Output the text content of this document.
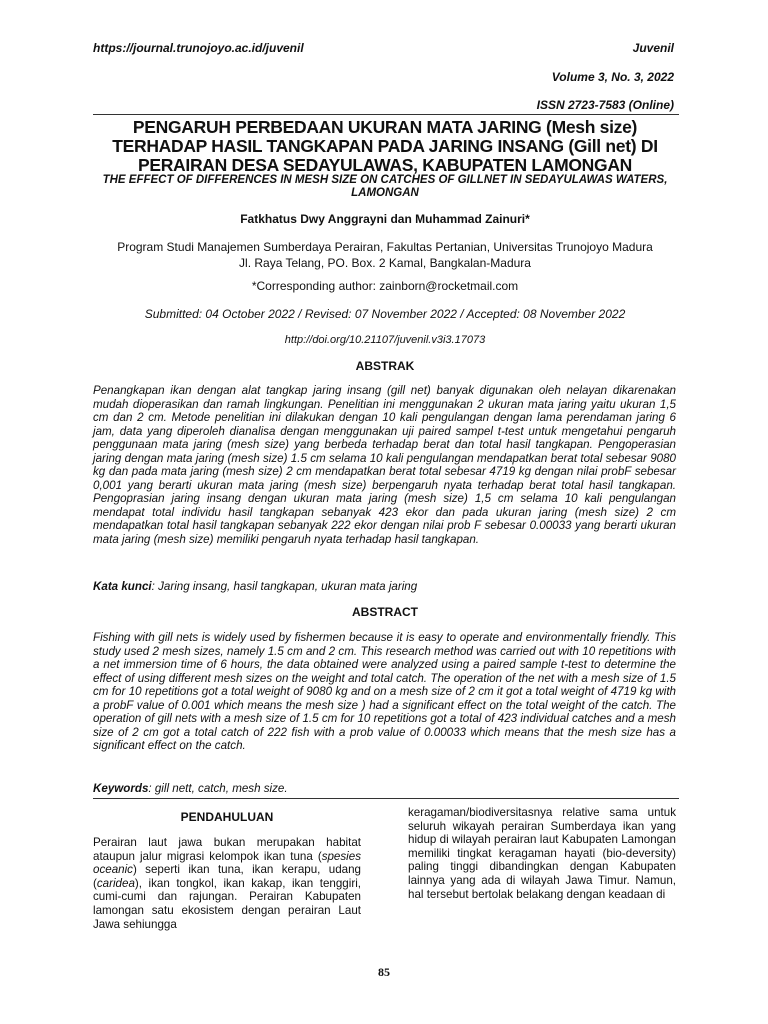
https://journal.trunojoyo.ac.id/juvenil	Juvenil
Volume 3, No. 3, 2022
ISSN 2723-7583 (Online)
PENGARUH PERBEDAAN UKURAN MATA JARING (Mesh size) TERHADAP HASIL TANGKAPAN PADA JARING INSANG (Gill net) DI PERAIRAN DESA SEDAYULAWAS, KABUPATEN LAMONGAN
THE EFFECT OF DIFFERENCES IN MESH SIZE ON CATCHES OF GILLNET IN SEDAYULAWAS WATERS, LAMONGAN
Fatkhatus Dwy Anggrayni dan Muhammad Zainuri*
Program Studi Manajemen Sumberdaya Perairan, Fakultas Pertanian, Universitas Trunojoyo Madura
Jl. Raya Telang, PO. Box. 2 Kamal, Bangkalan-Madura
*Corresponding author: zainborn@rocketmail.com
Submitted: 04 October 2022 / Revised: 07 November 2022 / Accepted: 08 November 2022
http://doi.org/10.21107/juvenil.v3i3.17073
ABSTRAK
Penangkapan ikan dengan alat tangkap jaring insang (gill net) banyak digunakan oleh nelayan dikarenakan mudah dioperasikan dan ramah lingkungan. Penelitian ini menggunakan 2 ukuran mata jaring yaitu ukuran 1,5 cm dan 2 cm. Metode penelitian ini dilakukan dengan 10 kali pengulangan dengan lama perendaman jaring 6 jam, data yang diperoleh dianalisa dengan menggunakan uji paired sampel t-test untuk mengetahui pengaruh penggunaan mata jaring (mesh size) yang berbeda terhadap berat dan total hasil tangkapan. Pengoperasian jaring dengan mata jaring (mesh size) 1.5 cm selama 10 kali pengulangan mendapatkan berat total sebesar 9080 kg dan pada mata jaring (mesh size) 2 cm mendapatkan berat total sebesar 4719 kg dengan nilai probF sebesar 0,001 yang berarti ukuran mata jaring (mesh size) berpengaruh nyata terhadap berat total hasil tangkapan. Pengoprasian jaring insang dengan ukuran mata jaring (mesh size) 1,5 cm selama 10 kali pengulangan mendapat total individu hasil tangkapan sebanyak 423 ekor dan pada ukuran jaring (mesh size) 2 cm mendapatkan total hasil tangkapan sebanyak 222 ekor dengan nilai prob F sebesar 0.00033 yang berarti ukuran mata jaring (mesh size) memiliki pengaruh nyata terhadap hasil tangkapan.
Kata kunci: Jaring insang, hasil tangkapan, ukuran mata jaring
ABSTRACT
Fishing with gill nets is widely used by fishermen because it is easy to operate and environmentally friendly. This study used 2 mesh sizes, namely 1.5 cm and 2 cm. This research method was carried out with 10 repetitions with a net immersion time of 6 hours, the data obtained were analyzed using a paired sample t-test to determine the effect of using different mesh sizes on the weight and total catch. The operation of the net with a mesh size of 1.5 cm for 10 repetitions got a total weight of 9080 kg and on a mesh size of 2 cm it got a total weight of 4719 kg with a probF value of 0.001 which means the mesh size ) had a significant effect on the total weight of the catch. The operation of gill nets with a mesh size of 1.5 cm for 10 repetitions got a total of 423 individual catches and a mesh size of 2 cm got a total catch of 222 fish with a prob value of 0.00033 which means that the mesh size has a significant effect on the catch.
Keywords: gill nett, catch, mesh size.
PENDAHULUAN
Perairan laut jawa bukan merupakan habitat ataupun jalur migrasi kelompok ikan tuna (spesies oceanic) seperti ikan tuna, ikan kerapu, udang (caridea), ikan tongkol, ikan kakap, ikan tenggiri, cumi-cumi dan rajungan. Perairan Kabupaten lamongan satu ekosistem dengan perairan Laut Jawa sehiungga
keragaman/biodiversitasnya relative sama untuk seluruh wikayah perairan Sumberdaya ikan yang hidup di wilayah perairan laut Kabupaten Lamongan memiliki tingkat keragaman hayati (bio-deversity) paling tinggi dibandingkan dengan Kabupaten lainnya yang ada di wilayah Jawa Timur. Namun, hal tersebut bertolak belakang dengan keadaan di
85
